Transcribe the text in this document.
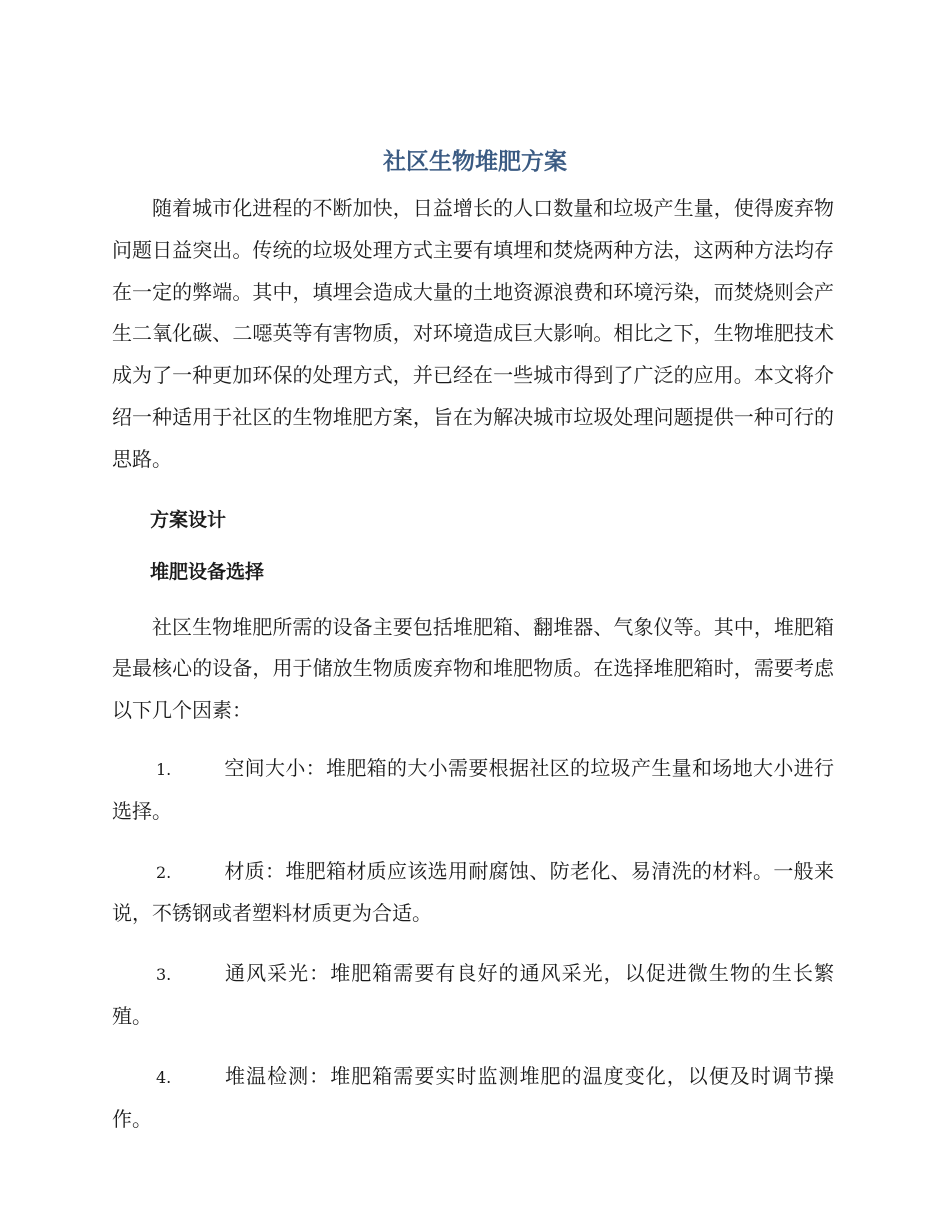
社区生物堆肥方案

随着城市化进程的不断加快，日益增长的人口数量和垃圾产生量，使得废弃物问题日益突出。传统的垃圾处理方式主要有填埋和焚烧两种方法，这两种方法均存在一定的弊端。其中，填埋会造成大量的土地资源浪费和环境污染，而焚烧则会产生二氧化碳、二噁英等有害物质，对环境造成巨大影响。相比之下，生物堆肥技术成为了一种更加环保的处理方式，并已经在一些城市得到了广泛的应用。本文将介绍一种适用于社区的生物堆肥方案，旨在为解决城市垃圾处理问题提供一种可行的思路。

方案设计

堆肥设备选择

社区生物堆肥所需的设备主要包括堆肥箱、翻堆器、气象仪等。其中，堆肥箱是最核心的设备，用于储放生物质废弃物和堆肥物质。在选择堆肥箱时，需要考虑以下几个因素：

1.	空间大小：堆肥箱的大小需要根据社区的垃圾产生量和场地大小进行选择。

2.	材质：堆肥箱材质应该选用耐腐蚀、防老化、易清洗的材料。一般来说，不锈钢或者塑料材质更为合适。

3.	通风采光：堆肥箱需要有良好的通风采光，以促进微生物的生长繁殖。

4.	堆温检测：堆肥箱需要实时监测堆肥的温度变化，以便及时调节操作。
